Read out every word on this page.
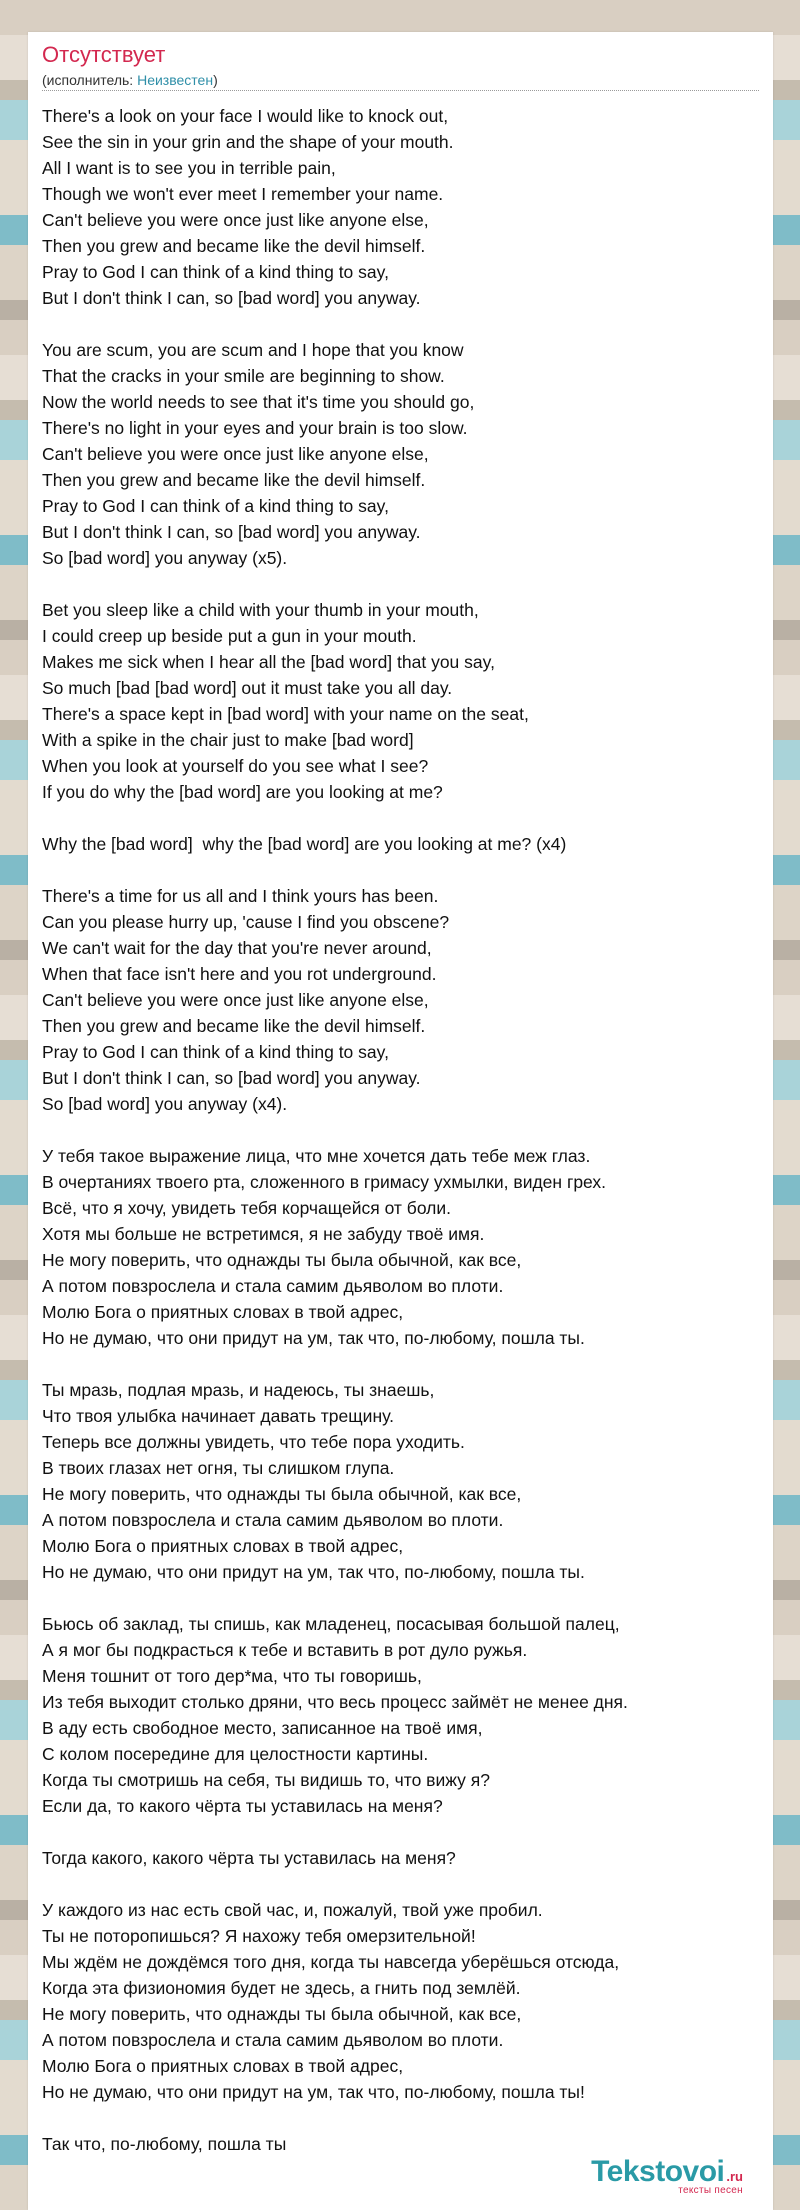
Отсутствует
(исполнитель: Неизвестен)
There's a look on your face I would like to knock out,
See the sin in your grin and the shape of your mouth.
All I want is to see you in terrible pain,
Though we won't ever meet I remember your name.
Can't believe you were once just like anyone else,
Then you grew and became like the devil himself.
Pray to God I can think of a kind thing to say,
But I don't think I can, so [bad word] you anyway.
You are scum, you are scum and I hope that you know
That the cracks in your smile are beginning to show.
Now the world needs to see that it's time you should go,
There's no light in your eyes and your brain is too slow.
Can't believe you were once just like anyone else,
Then you grew and became like the devil himself.
Pray to God I can think of a kind thing to say,
But I don't think I can, so [bad word] you anyway.
So [bad word] you anyway (x5).
Bet you sleep like a child with your thumb in your mouth,
I could creep up beside put a gun in your mouth.
Makes me sick when I hear all the [bad word] that you say,
So much [bad [bad word] out it must take you all day.
There's a space kept in [bad word] with your name on the seat,
With a spike in the chair just to make [bad word]
When you look at yourself do you see what I see?
If you do why the [bad word] are you looking at me?
Why the [bad word]  why the [bad word] are you looking at me? (x4)
There's a time for us all and I think yours has been.
Can you please hurry up, 'cause I find you obscene?
We can't wait for the day that you're never around,
When that face isn't here and you rot underground.
Can't believe you were once just like anyone else,
Then you grew and became like the devil himself.
Pray to God I can think of a kind thing to say,
But I don't think I can, so [bad word] you anyway.
So [bad word] you anyway (x4).
У тебя такое выражение лица, что мне хочется дать тебе меж глаз.
В очертаниях твоего рта, сложенного в гримасу ухмылки, виден грех.
Всё, что я хочу, увидеть тебя корчащейся от боли.
Хотя мы больше не встретимся, я не забуду твоё имя.
Не могу поверить, что однажды ты была обычной, как все,
А потом повзрослела и стала самим дьяволом во плоти.
Молю Бога о приятных словах в твой адрес,
Но не думаю, что они придут на ум, так что, по-любому, пошла ты.
Ты мразь, подлая мразь, и надеюсь, ты знаешь,
Что твоя улыбка начинает давать трещину.
Теперь все должны увидеть, что тебе пора уходить.
В твоих глазах нет огня, ты слишком глупа.
Не могу поверить, что однажды ты была обычной, как все,
А потом повзрослела и стала самим дьяволом во плоти.
Молю Бога о приятных словах в твой адрес,
Но не думаю, что они придут на ум, так что, по-любому, пошла ты.
Бьюсь об заклад, ты спишь, как младенец, посасывая большой палец,
А я мог бы подкрасться к тебе и вставить в рот дуло ружья.
Меня тошнит от того дер*ма, что ты говоришь,
Из тебя выходит столько дряни, что весь процесс займёт не менее дня.
В аду есть свободное место, записанное на твоё имя,
С колом посередине для целостности картины.
Когда ты смотришь на себя, ты видишь то, что вижу я?
Если да, то какого чёрта ты уставилась на меня?
Тогда какого, какого чёрта ты уставилась на меня?
У каждого из нас есть свой час, и, пожалуй, твой уже пробил.
Ты не поторопишься? Я нахожу тебя омерзительной!
Мы ждём не дождёмся того дня, когда ты навсегда уберёшься отсюда,
Когда эта физиономия будет не здесь, а гнить под землёй.
Не могу поверить, что однажды ты была обычной, как все,
А потом повзрослела и стала самим дьяволом во плоти.
Молю Бога о приятных словах в твой адрес,
Но не думаю, что они придут на ум, так что, по-любому, пошла ты!
Так что, по-любому, пошла ты
Tekstovoi .ru
тексты песен
